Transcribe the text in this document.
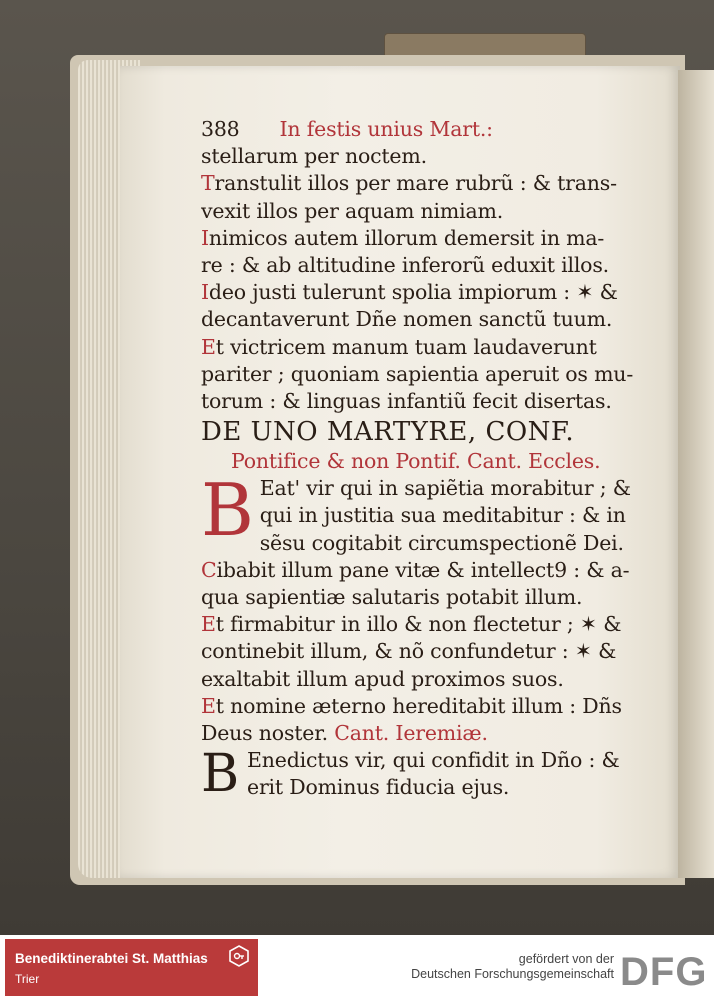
388 In festis unius Mart.:
stellarum per noctem.
Transtulit illos per mare rubrũ : & trans-
vexit illos per aquam nimiam.
Inimicos autem illorum demersit in ma-
re : & ab altitudine inferorũ eduxit illos.
Ideo justi tulerunt spolia impiorum : ✶ &
decantaverunt Dñe nomen sanctũ tuum.
Et victricem manum tuam laudaverunt
pariter ; quoniam sapientia aperuit os mu-
torum : & linguas infantiũ fecit disertas.
DE UNO MARTYRE, CONF.
Pontifice & non Pontif. Cant. Eccles.
B Eat' vir qui in sapiẽtia morabitur ; &
qui in justitia sua meditabitur : & in
sẽsu cogitabit circumspectionẽ Dei.
Cibabit illum pane vitæ & intellect9 : & a-
qua sapientiæ salutaris potabit illum.
Et firmabitur in illo & non flectetur ; ✶ &
continebit illum, & nõ confundetur : ✶ &
exaltabit illum apud proximos suos.
Et nomine æterno hereditabit illum : Dñs
Deus noster. Cant. Ieremiæ.
B Enedictus vir, qui confidit in Dño : &
erit Dominus fiducia ejus.
Benediktinerabtei St. Matthias
Trier
gefördert von der
Deutschen Forschungsgemeinschaft DFG
